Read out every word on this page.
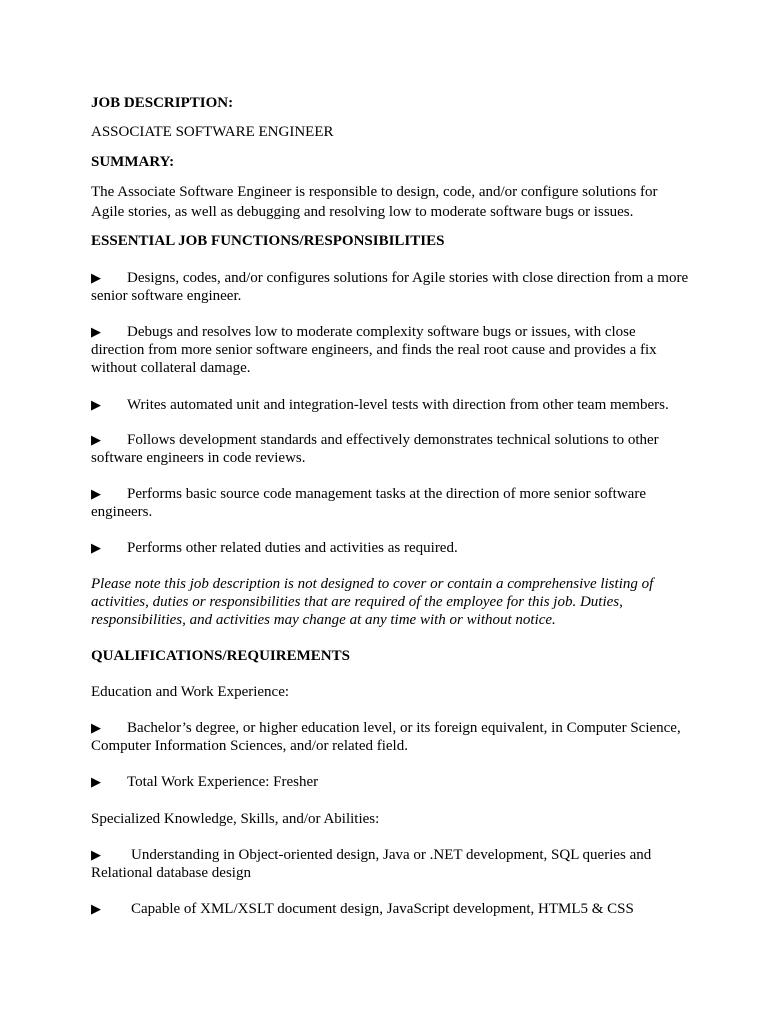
JOB DESCRIPTION:

ASSOCIATE SOFTWARE ENGINEER

SUMMARY:

The Associate Software Engineer is responsible to design, code, and/or configure solutions for Agile stories, as well as debugging and resolving low to moderate software bugs or issues.

ESSENTIAL JOB FUNCTIONS/RESPONSIBILITIES

▶ Designs, codes, and/or configures solutions for Agile stories with close direction from a more senior software engineer.

▶ Debugs and resolves low to moderate complexity software bugs or issues, with close direction from more senior software engineers, and finds the real root cause and provides a fix without collateral damage.

▶ Writes automated unit and integration-level tests with direction from other team members.

▶ Follows development standards and effectively demonstrates technical solutions to other software engineers in code reviews.

▶ Performs basic source code management tasks at the direction of more senior software engineers.

▶ Performs other related duties and activities as required.

Please note this job description is not designed to cover or contain a comprehensive listing of activities, duties or responsibilities that are required of the employee for this job. Duties, responsibilities, and activities may change at any time with or without notice.

QUALIFICATIONS/REQUIREMENTS

Education and Work Experience:

▶ Bachelor’s degree, or higher education level, or its foreign equivalent, in Computer Science, Computer Information Sciences, and/or related field.

▶ Total Work Experience: Fresher

Specialized Knowledge, Skills, and/or Abilities:

▶ Understanding in Object-oriented design, Java or .NET development, SQL queries and Relational database design

▶ Capable of XML/XSLT document design, JavaScript development, HTML5 & CSS
